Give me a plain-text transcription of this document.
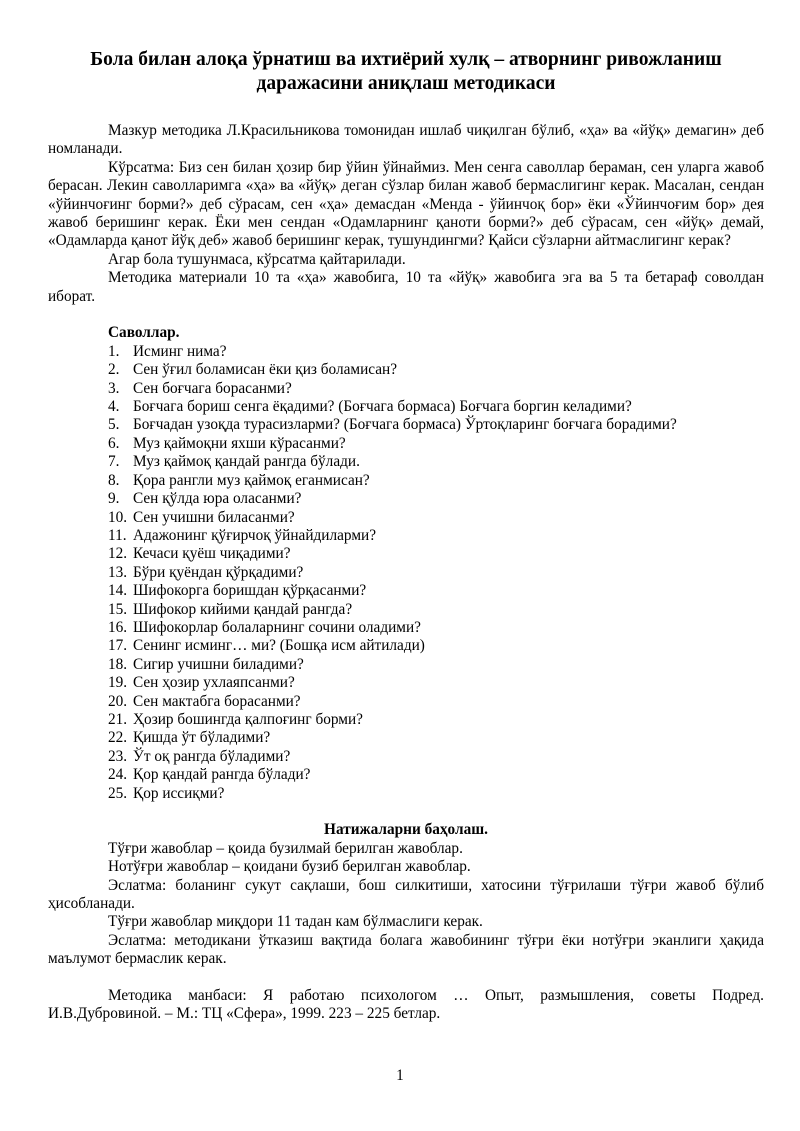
Бола билан алоқа ўрнатиш ва ихтиёрий хулқ – атворнинг ривожланиш
даражасини аниқлаш методикаси

Мазкур методика Л.Красильникова томонидан ишлаб чиқилган бўлиб, «ҳа» ва «йўқ» демагин» деб номланади.

Кўрсатма: Биз сен билан ҳозир бир ўйин ўйнаймиз. Мен сенга саволлар бераман, сен уларга жавоб берасан. Лекин саволларимга «ҳа» ва «йўқ» деган сўзлар билан жавоб бермаслигинг керак. Масалан, сендан «ўйинчоғинг борми?» деб сўрасам, сен «ҳа» демасдан «Менда - ўйинчоқ бор» ёки «Ўйинчоғим бор» дея жавоб беришинг керак. Ёки мен сендан «Одамларнинг қаноти борми?» деб сўрасам, сен «йўқ» демай, «Одамларда қанот йўқ деб» жавоб беришинг керак, тушундингми? Қайси сўзларни айтмаслигинг керак?

Агар бола тушунмаса, кўрсатма қайтарилади.

Методика материали 10 та «ҳа» жавобига, 10 та «йўқ» жавобига эга ва 5 та бетараф соволдан иборат.

Саволлар.

1. Исминг нима?
2. Сен ўғил боламисан ёки қиз боламисан?
3. Сен боғчага борасанми?
4. Боғчага бориш сенга ёқадими? (Боғчага бормаса) Боғчага боргин келадими?
5. Боғчадан узоқда турасизларми? (Боғчага бормаса) Ўртоқларинг боғчага борадими?
6. Муз қаймоқни яхши кўрасанми?
7. Муз қаймоқ қандай рангда бўлади.
8. Қора рангли муз қаймоқ еганмисан?
9. Сен қўлда юра оласанми?
10. Сен учишни биласанми?
11. Адажонинг қўғирчоқ ўйнайдиларми?
12. Кечаси қуёш чиқадими?
13. Бўри қуёндан қўрқадими?
14. Шифокорга боришдан қўрқасанми?
15. Шифокор кийими қандай рангда?
16. Шифокорлар болаларнинг сочини оладими?
17. Сенинг исминг… ми? (Бошқа исм айтилади)
18. Сигир учишни биладими?
19. Сен ҳозир ухлаяпсанми?
20. Сен мактабга борасанми?
21. Ҳозир бошингда қалпоғинг борми?
22. Қишда ўт бўладими?
23. Ўт оқ рангда бўладими?
24. Қор қандай рангда бўлади?
25. Қор иссиқми?

Натижаларни баҳолаш.

Тўғри жавоблар – қоида бузилмай берилган жавоблар.

Нотўғри жавоблар – қоидани бузиб берилган жавоблар.

Эслатма: боланинг сукут сақлаши, бош силкитиши, хатосини тўғрилаши тўғри жавоб бўлиб ҳисобланади.

Тўғри жавоблар миқдори 11 тадан кам бўлмаслиги керак.

Эслатма: методикани ўтказиш вақтида болага жавобининг тўғри ёки нотўғри эканлиги ҳақида маълумот бермаслик керак.

Методика манбаси: Я работаю психологом … Опыт, размышления, советы Подред. И.В.Дубровиной. – М.: ТЦ «Сфера», 1999. 223 – 225 бетлар.

1
